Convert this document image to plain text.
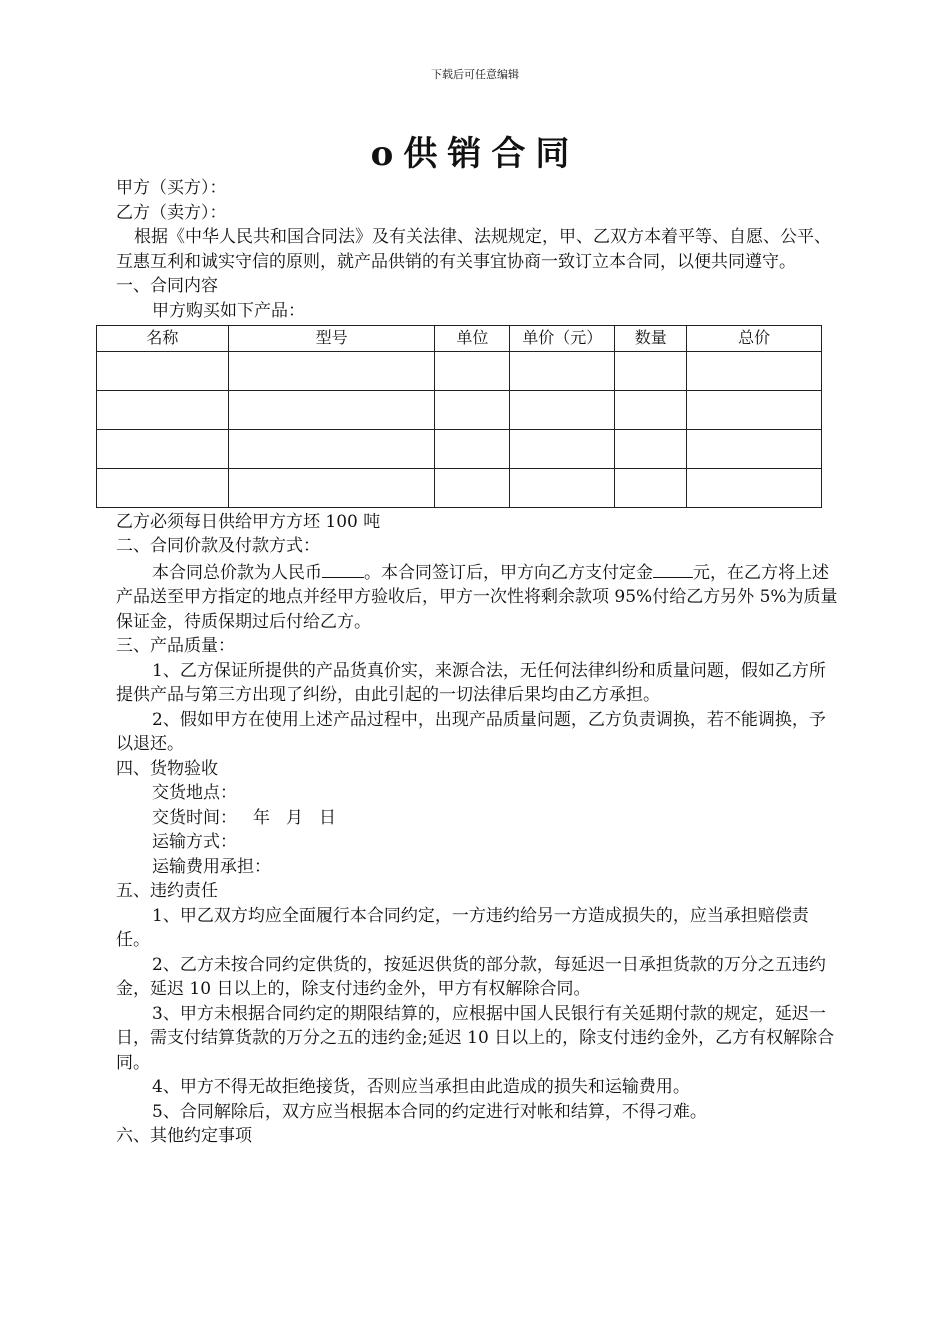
下载后可任意编辑
o供销合同

甲方（买方）：

乙方（卖方）：

根据《中华人民共和国合同法》及有关法律、法规规定，甲、乙双方本着平等、自愿、公平、互惠互利和诚实守信的原则，就产品供销的有关事宜协商一致订立本合同，以便共同遵守。

一、合同内容

甲方购买如下产品：

名称	型号	单位	单价（元）	数量	总价

乙方必须每日供给甲方方坯 100 吨

二、合同价款及付款方式：

本合同总价款为人民币 。本合同签订后，甲方向乙方支付定金 元，在乙方将上述产品送至甲方指定的地点并经甲方验收后，甲方一次性将剩余款项 95%付给乙方另外 5%为质量保证金，待质保期过后付给乙方。

三、产品质量：

1、乙方保证所提供的产品货真价实，来源合法，无任何法律纠纷和质量问题，假如乙方所提供产品与第三方出现了纠纷，由此引起的一切法律后果均由乙方承担。

2、假如甲方在使用上述产品过程中，出现产品质量问题，乙方负责调换，若不能调换，予以退还。

四、货物验收

交货地点：

交货时间： 年 月 日

运输方式：

运输费用承担：

五、违约责任

1、甲乙双方均应全面履行本合同约定，一方违约给另一方造成损失的，应当承担赔偿责任。

2、乙方未按合同约定供货的，按延迟供货的部分款，每延迟一日承担货款的万分之五违约金，延迟 10 日以上的，除支付违约金外，甲方有权解除合同。

3、甲方未根据合同约定的期限结算的，应根据中国人民银行有关延期付款的规定，延迟一日，需支付结算货款的万分之五的违约金;延迟 10 日以上的，除支付违约金外，乙方有权解除合同。

4、甲方不得无故拒绝接货，否则应当承担由此造成的损失和运输费用。

5、合同解除后，双方应当根据本合同的约定进行对帐和结算，不得刁难。

六、其他约定事项
